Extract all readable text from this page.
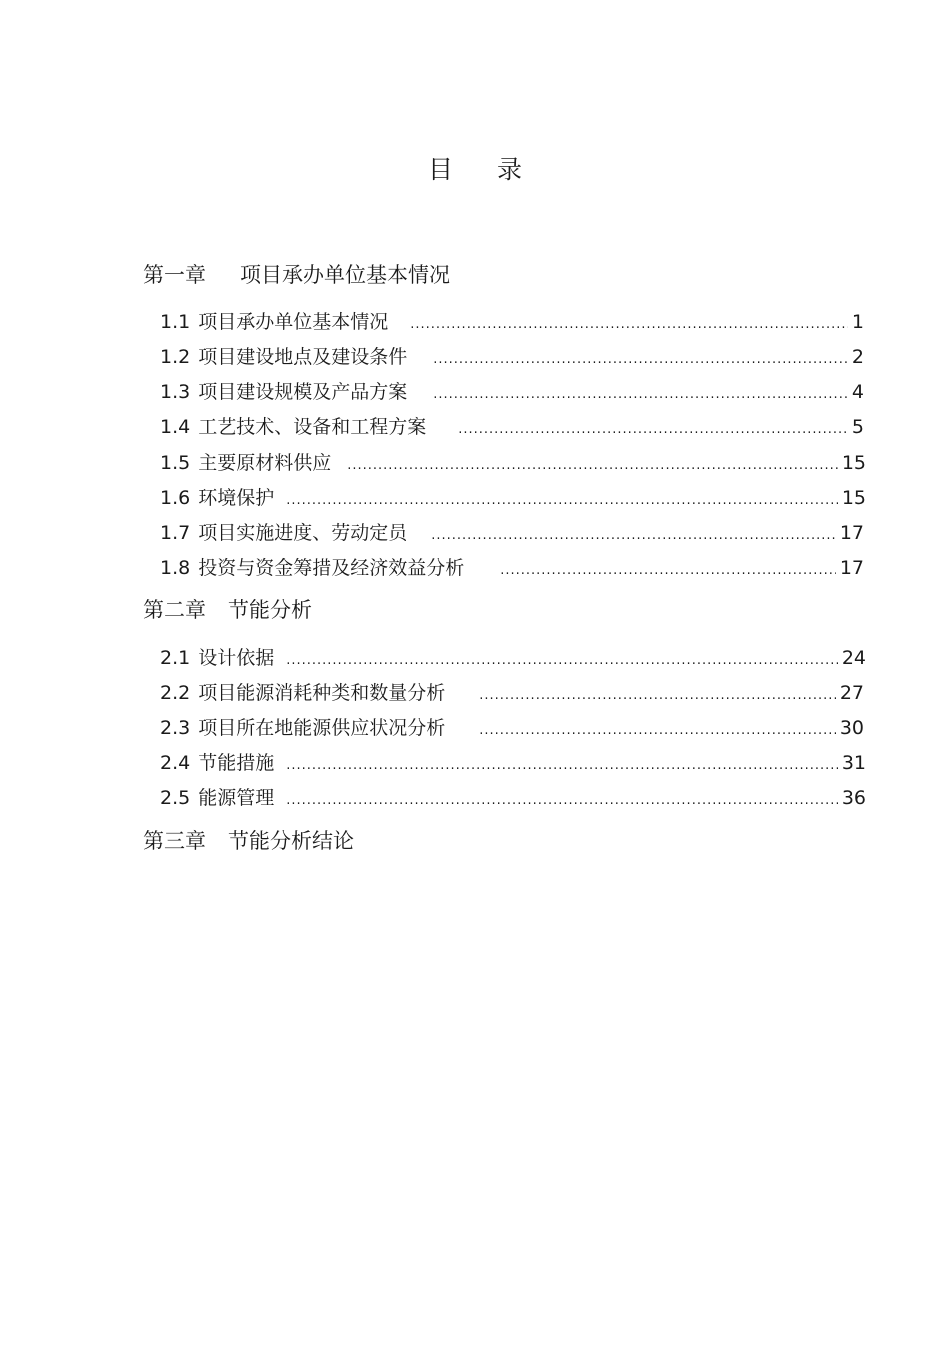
目 录
第一章 项目承办单位基本情况
1.1 项目承办单位基本情况 .....	1
1.2 项目建设地点及建设条件 .....	2
1.3 项目建设规模及产品方案 .....	4
1.4 工艺技术、设备和工程方案 .....	5
1.5 主要原材料供应 .....	15
1.6 环境保护 .....	15
1.7 项目实施进度、劳动定员 .....	17
1.8 投资与资金筹措及经济效益分析 .....	17
第二章 节能分析
2.1 设计依据 .....	24
2.2 项目能源消耗种类和数量分析 .....	27
2.3 项目所在地能源供应状况分析 .....	30
2.4 节能措施 .....	31
2.5 能源管理 .....	36
第三章 节能分析结论
